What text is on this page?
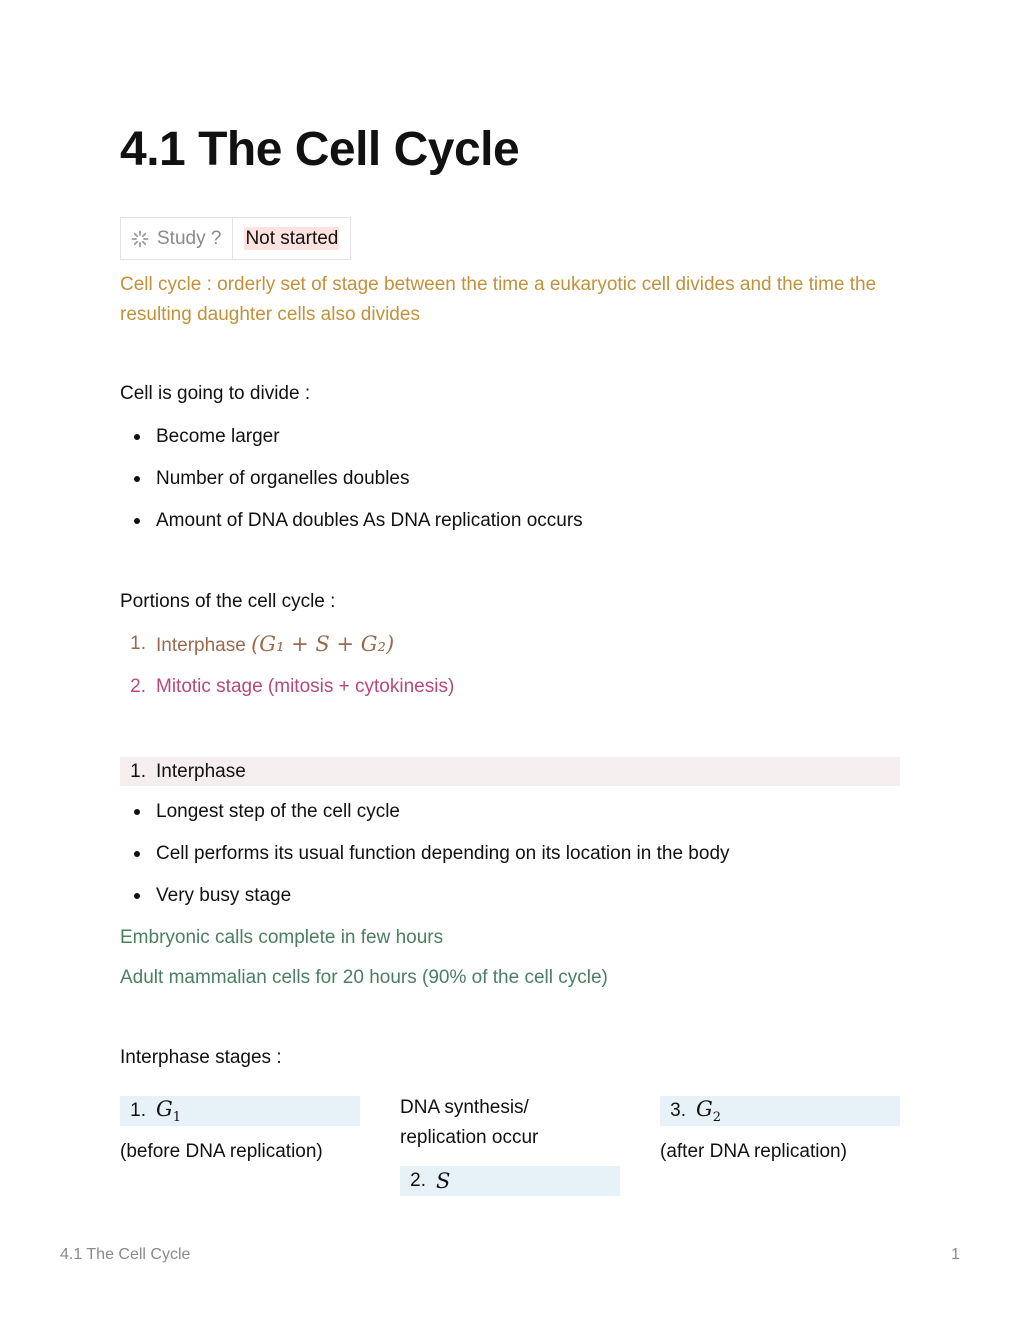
4.1 The Cell Cycle
Study ?	Not started

Cell cycle : orderly set of stage between the time a eukaryotic cell divides and the time the resulting daughter cells also divides

Cell is going to divide :

Become larger
Number of organelles doubles
Amount of DNA doubles As DNA replication occurs

Portions of the cell cycle :

1. Interphase (G₁ + S + G₂)
2. Mitotic stage (mitosis + cytokinesis)
1. Interphase
Longest step of the cell cycle
Cell performs its usual function depending on its location in the body
Very busy stage

Embryonic calls complete in few hours

Adult mammalian cells for 20 hours (90% of the cell cycle)

Interphase stages :

1. $G_1$

(before DNA replication)

DNA synthesis/ replication occur

2. S
3. $G_2$

(after DNA replication)

4.1 The Cell Cycle	1
